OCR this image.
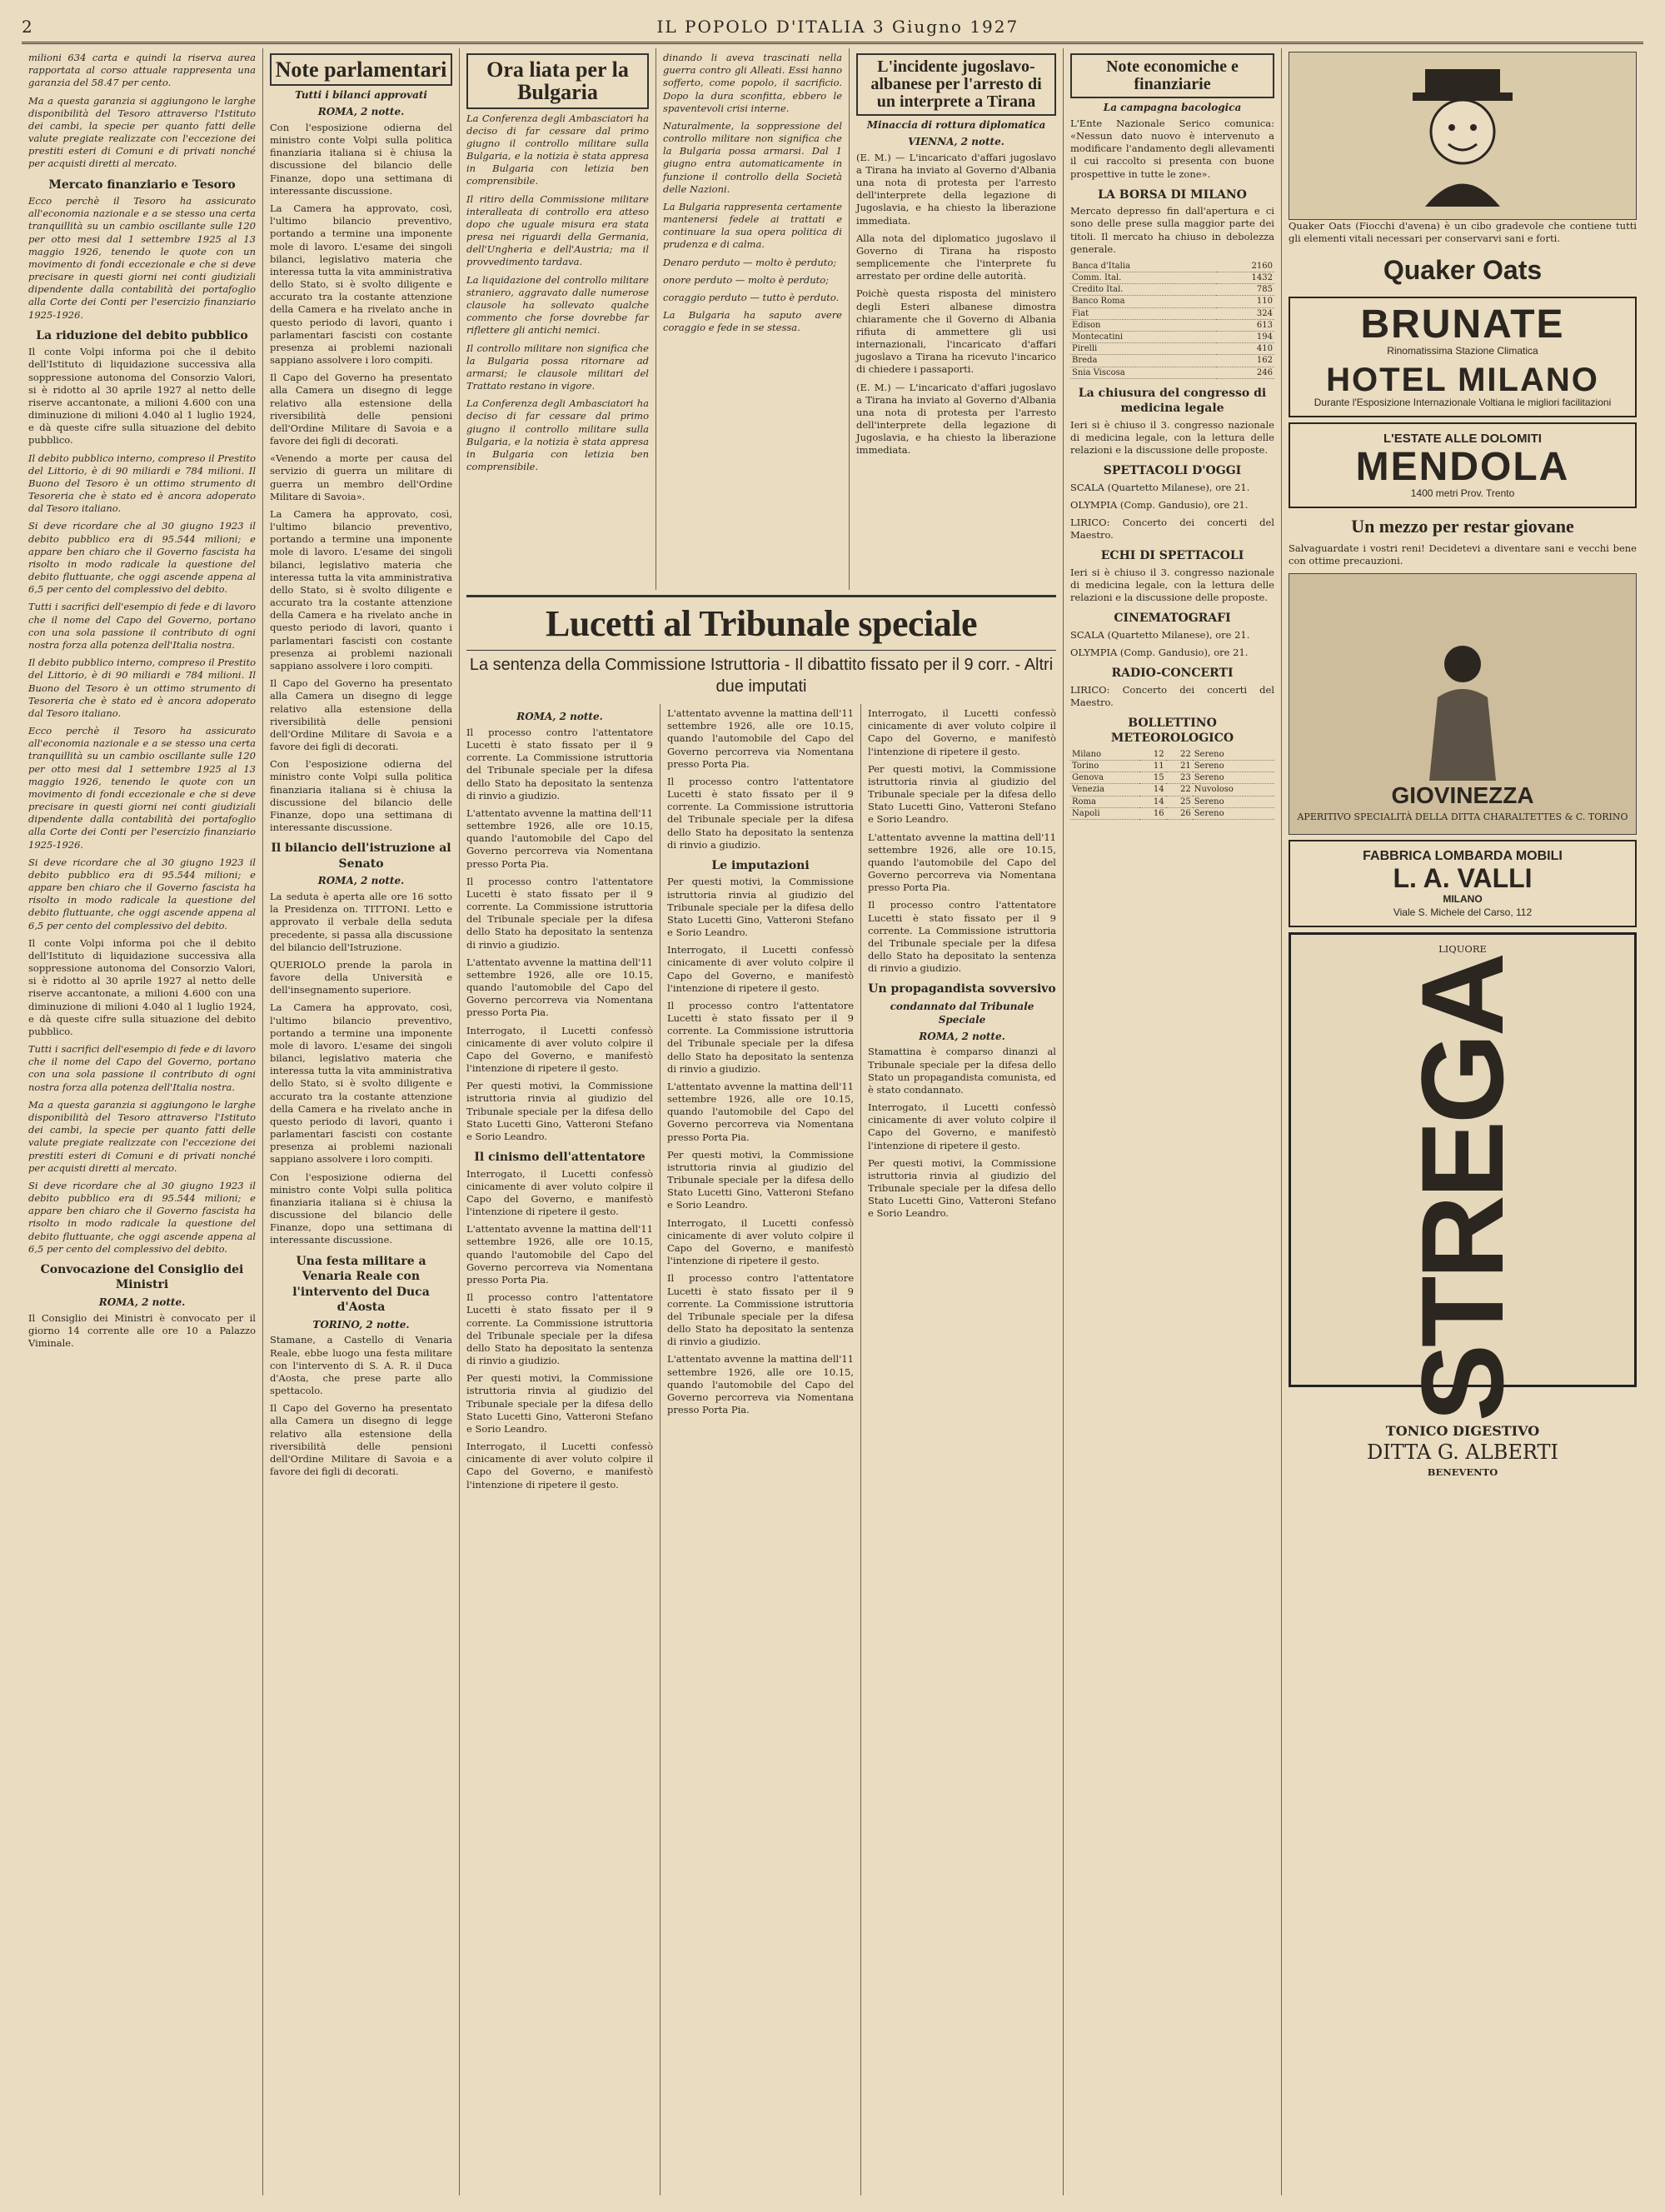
2	IL POPOLO D'ITALIA 3 Giugno 1927

milioni 634 carta e quindi la riserva aurea rapportata al corso attuale rappresenta una garanzia del 58.47 per cento.

Ma a questa garanzia si aggiungono le larghe disponibilità del Tesoro attraverso l'Istituto dei cambi, la specie per quanto fatti delle valute pregiate realizzate con l'eccezione dei prestiti esteri di Comuni e di privati nonché per acquisti diretti al mercato.

Mercato finanziario e Tesoro

Ecco perchè il Tesoro ha assicurato all'economia nazionale e a se stesso una certa tranquillità su un cambio oscillante sulle 120 per otto mesi dal 1 settembre 1925 al 13 maggio 1926, tenendo le quote con un movimento di fondi eccezionale e che si deve precisare in questi giorni nei conti giudiziali dipendente dalla contabilità dei portafoglio alla Corte dei Conti per l'esercizio finanziario 1925-1926.

La riduzione del debito pubblico

Il conte Volpi informa poi che il debito dell'Istituto di liquidazione successiva alla soppressione autonoma del Consorzio Valori, si è ridotto al 30 aprile 1927 al netto delle riserve accantonate, a milioni 4.600 con una diminuzione di milioni 4.040 al 1 luglio 1924, e dà queste cifre sulla situazione del debito pubblico.

Il debito pubblico interno, compreso il Prestito del Littorio, è di 90 miliardi e 784 milioni. Il Buono del Tesoro è un ottimo strumento di Tesoreria che è stato ed è ancora adoperato dal Tesoro italiano.

Si deve ricordare che al 30 giugno 1923 il debito pubblico era di 95.544 milioni; e appare ben chiaro che il Governo fascista ha risolto in modo radicale la questione del debito fluttuante, che oggi ascende appena al 6,5 per cento del complessivo del debito.

Tutti i sacrifici dell'esempio di fede e di lavoro che il nome del Capo del Governo, portano con una sola passione il contributo di ogni nostra forza alla potenza dell'Italia nostra.

Il debito pubblico interno, compreso il Prestito del Littorio, è di 90 miliardi e 784 milioni. Il Buono del Tesoro è un ottimo strumento di Tesoreria che è stato ed è ancora adoperato dal Tesoro italiano.

Ecco perchè il Tesoro ha assicurato all'economia nazionale e a se stesso una certa tranquillità su un cambio oscillante sulle 120 per otto mesi dal 1 settembre 1925 al 13 maggio 1926, tenendo le quote con un movimento di fondi eccezionale e che si deve precisare in questi giorni nei conti giudiziali dipendente dalla contabilità dei portafoglio alla Corte dei Conti per l'esercizio finanziario 1925-1926.

Si deve ricordare che al 30 giugno 1923 il debito pubblico era di 95.544 milioni; e appare ben chiaro che il Governo fascista ha risolto in modo radicale la questione del debito fluttuante, che oggi ascende appena al 6,5 per cento del complessivo del debito.

Il conte Volpi informa poi che il debito dell'Istituto di liquidazione successiva alla soppressione autonoma del Consorzio Valori, si è ridotto al 30 aprile 1927 al netto delle riserve accantonate, a milioni 4.600 con una diminuzione di milioni 4.040 al 1 luglio 1924, e dà queste cifre sulla situazione del debito pubblico.

Tutti i sacrifici dell'esempio di fede e di lavoro che il nome del Capo del Governo, portano con una sola passione il contributo di ogni nostra forza alla potenza dell'Italia nostra.

Ma a questa garanzia si aggiungono le larghe disponibilità del Tesoro attraverso l'Istituto dei cambi, la specie per quanto fatti delle valute pregiate realizzate con l'eccezione dei prestiti esteri di Comuni e di privati nonché per acquisti diretti al mercato.

Si deve ricordare che al 30 giugno 1923 il debito pubblico era di 95.544 milioni; e appare ben chiaro che il Governo fascista ha risolto in modo radicale la questione del debito fluttuante, che oggi ascende appena al 6,5 per cento del complessivo del debito.

Convocazione del Consiglio dei Ministri
ROMA, 2 notte.

Il Consiglio dei Ministri è convocato per il giorno 14 corrente alle ore 10 a Palazzo Viminale.

Note parlamentari
Tutti i bilanci approvati
ROMA, 2 notte.

Con l'esposizione odierna del ministro conte Volpi sulla politica finanziaria italiana si è chiusa la discussione del bilancio delle Finanze, dopo una settimana di interessante discussione.

La Camera ha approvato, così, l'ultimo bilancio preventivo, portando a termine una imponente mole di lavoro. L'esame dei singoli bilanci, legislativo materia che interessa tutta la vita amministrativa dello Stato, si è svolto diligente e accurato tra la costante attenzione della Camera e ha rivelato anche in questo periodo di lavori, quanto i parlamentari fascisti con costante presenza ai problemi nazionali sappiano assolvere i loro compiti.

Il Capo del Governo ha presentato alla Camera un disegno di legge relativo alla estensione della riversibilità delle pensioni dell'Ordine Militare di Savoia e a favore dei figli di decorati.

«Venendo a morte per causa del servizio di guerra un militare di guerra un membro dell'Ordine Militare di Savoia».

La Camera ha approvato, così, l'ultimo bilancio preventivo, portando a termine una imponente mole di lavoro. L'esame dei singoli bilanci, legislativo materia che interessa tutta la vita amministrativa dello Stato, si è svolto diligente e accurato tra la costante attenzione della Camera e ha rivelato anche in questo periodo di lavori, quanto i parlamentari fascisti con costante presenza ai problemi nazionali sappiano assolvere i loro compiti.

Il Capo del Governo ha presentato alla Camera un disegno di legge relativo alla estensione della riversibilità delle pensioni dell'Ordine Militare di Savoia e a favore dei figli di decorati.

Con l'esposizione odierna del ministro conte Volpi sulla politica finanziaria italiana si è chiusa la discussione del bilancio delle Finanze, dopo una settimana di interessante discussione.

Il bilancio dell'istruzione al Senato
ROMA, 2 notte.

La seduta è aperta alle ore 16 sotto la Presidenza on. TITTONI. Letto e approvato il verbale della seduta precedente, si passa alla discussione del bilancio dell'Istruzione.

QUERIOLO prende la parola in favore della Università e dell'insegnamento superiore.

La Camera ha approvato, così, l'ultimo bilancio preventivo, portando a termine una imponente mole di lavoro. L'esame dei singoli bilanci, legislativo materia che interessa tutta la vita amministrativa dello Stato, si è svolto diligente e accurato tra la costante attenzione della Camera e ha rivelato anche in questo periodo di lavori, quanto i parlamentari fascisti con costante presenza ai problemi nazionali sappiano assolvere i loro compiti.

Con l'esposizione odierna del ministro conte Volpi sulla politica finanziaria italiana si è chiusa la discussione del bilancio delle Finanze, dopo una settimana di interessante discussione.

Una festa militare a Venaria Reale con l'intervento del Duca d'Aosta
TORINO, 2 notte.

Stamane, a Castello di Venaria Reale, ebbe luogo una festa militare con l'intervento di S. A. R. il Duca d'Aosta, che prese parte allo spettacolo.

Il Capo del Governo ha presentato alla Camera un disegno di legge relativo alla estensione della riversibilità delle pensioni dell'Ordine Militare di Savoia e a favore dei figli di decorati.

Ora liata per la Bulgaria

La Conferenza degli Ambasciatori ha deciso di far cessare dal primo giugno il controllo militare sulla Bulgaria, e la notizia è stata appresa in Bulgaria con letizia ben comprensibile.

Il ritiro della Commissione militare interalleata di controllo era atteso dopo che uguale misura era stata presa nei riguardi della Germania, dell'Ungheria e dell'Austria; ma il provvedimento tardava.

La liquidazione del controllo militare straniero, aggravato dalle numerose clausole ha sollevato qualche commento che forse dovrebbe far riflettere gli antichi nemici.

Il controllo militare non significa che la Bulgaria possa ritornare ad armarsi; le clausole militari del Trattato restano in vigore.

La Conferenza degli Ambasciatori ha deciso di far cessare dal primo giugno il controllo militare sulla Bulgaria, e la notizia è stata appresa in Bulgaria con letizia ben comprensibile.

dinando li aveva trascinati nella guerra contro gli Alleati. Essi hanno sofferto, come popolo, il sacrificio. Dopo la dura sconfitta, ebbero le spaventevoli crisi interne.

Naturalmente, la soppressione del controllo militare non significa che la Bulgaria possa armarsi. Dal 1 giugno entra automaticamente in funzione il controllo della Società delle Nazioni.

La Bulgaria rappresenta certamente mantenersi fedele ai trattati e continuare la sua opera politica di prudenza e di calma.

Denaro perduto — molto è perduto;

onore perduto — molto è perduto;

coraggio perduto — tutto è perduto.

La Bulgaria ha saputo avere coraggio e fede in se stessa.

L'incidente jugoslavo-albanese per l'arresto di un interprete a Tirana
Minaccia di rottura diplomatica
VIENNA, 2 notte.

(E. M.) — L'incaricato d'affari jugoslavo a Tirana ha inviato al Governo d'Albania una nota di protesta per l'arresto dell'interprete della legazione di Jugoslavia, e ha chiesto la liberazione immediata.

Alla nota del diplomatico jugoslavo il Governo di Tirana ha risposto semplicemente che l'interprete fu arrestato per ordine delle autorità.

Poichè questa risposta del ministero degli Esteri albanese dimostra chiaramente che il Governo di Albania rifiuta di ammettere gli usi internazionali, l'incaricato d'affari jugoslavo a Tirana ha ricevuto l'incarico di chiedere i passaporti.

(E. M.) — L'incaricato d'affari jugoslavo a Tirana ha inviato al Governo d'Albania una nota di protesta per l'arresto dell'interprete della legazione di Jugoslavia, e ha chiesto la liberazione immediata.

Lucetti al Tribunale speciale
La sentenza della Commissione Istruttoria - Il dibattito fissato per il 9 corr. - Altri due imputati
ROMA, 2 notte.

Il processo contro l'attentatore Lucetti è stato fissato per il 9 corrente. La Commissione istruttoria del Tribunale speciale per la difesa dello Stato ha depositato la sentenza di rinvio a giudizio.

L'attentato avvenne la mattina dell'11 settembre 1926, alle ore 10.15, quando l'automobile del Capo del Governo percorreva via Nomentana presso Porta Pia.

Il processo contro l'attentatore Lucetti è stato fissato per il 9 corrente. La Commissione istruttoria del Tribunale speciale per la difesa dello Stato ha depositato la sentenza di rinvio a giudizio.

L'attentato avvenne la mattina dell'11 settembre 1926, alle ore 10.15, quando l'automobile del Capo del Governo percorreva via Nomentana presso Porta Pia.

Interrogato, il Lucetti confessò cinicamente di aver voluto colpire il Capo del Governo, e manifestò l'intenzione di ripetere il gesto.

Per questi motivi, la Commissione istruttoria rinvia al giudizio del Tribunale speciale per la difesa dello Stato Lucetti Gino, Vatteroni Stefano e Sorio Leandro.

Il cinismo dell'attentatore

Interrogato, il Lucetti confessò cinicamente di aver voluto colpire il Capo del Governo, e manifestò l'intenzione di ripetere il gesto.

L'attentato avvenne la mattina dell'11 settembre 1926, alle ore 10.15, quando l'automobile del Capo del Governo percorreva via Nomentana presso Porta Pia.

Il processo contro l'attentatore Lucetti è stato fissato per il 9 corrente. La Commissione istruttoria del Tribunale speciale per la difesa dello Stato ha depositato la sentenza di rinvio a giudizio.

Per questi motivi, la Commissione istruttoria rinvia al giudizio del Tribunale speciale per la difesa dello Stato Lucetti Gino, Vatteroni Stefano e Sorio Leandro.

Interrogato, il Lucetti confessò cinicamente di aver voluto colpire il Capo del Governo, e manifestò l'intenzione di ripetere il gesto.

L'attentato avvenne la mattina dell'11 settembre 1926, alle ore 10.15, quando l'automobile del Capo del Governo percorreva via Nomentana presso Porta Pia.

Il processo contro l'attentatore Lucetti è stato fissato per il 9 corrente. La Commissione istruttoria del Tribunale speciale per la difesa dello Stato ha depositato la sentenza di rinvio a giudizio.

Le imputazioni

Per questi motivi, la Commissione istruttoria rinvia al giudizio del Tribunale speciale per la difesa dello Stato Lucetti Gino, Vatteroni Stefano e Sorio Leandro.

Interrogato, il Lucetti confessò cinicamente di aver voluto colpire il Capo del Governo, e manifestò l'intenzione di ripetere il gesto.

Il processo contro l'attentatore Lucetti è stato fissato per il 9 corrente. La Commissione istruttoria del Tribunale speciale per la difesa dello Stato ha depositato la sentenza di rinvio a giudizio.

L'attentato avvenne la mattina dell'11 settembre 1926, alle ore 10.15, quando l'automobile del Capo del Governo percorreva via Nomentana presso Porta Pia.

Per questi motivi, la Commissione istruttoria rinvia al giudizio del Tribunale speciale per la difesa dello Stato Lucetti Gino, Vatteroni Stefano e Sorio Leandro.

Interrogato, il Lucetti confessò cinicamente di aver voluto colpire il Capo del Governo, e manifestò l'intenzione di ripetere il gesto.

Il processo contro l'attentatore Lucetti è stato fissato per il 9 corrente. La Commissione istruttoria del Tribunale speciale per la difesa dello Stato ha depositato la sentenza di rinvio a giudizio.

L'attentato avvenne la mattina dell'11 settembre 1926, alle ore 10.15, quando l'automobile del Capo del Governo percorreva via Nomentana presso Porta Pia.

Interrogato, il Lucetti confessò cinicamente di aver voluto colpire il Capo del Governo, e manifestò l'intenzione di ripetere il gesto.

Per questi motivi, la Commissione istruttoria rinvia al giudizio del Tribunale speciale per la difesa dello Stato Lucetti Gino, Vatteroni Stefano e Sorio Leandro.

L'attentato avvenne la mattina dell'11 settembre 1926, alle ore 10.15, quando l'automobile del Capo del Governo percorreva via Nomentana presso Porta Pia.

Il processo contro l'attentatore Lucetti è stato fissato per il 9 corrente. La Commissione istruttoria del Tribunale speciale per la difesa dello Stato ha depositato la sentenza di rinvio a giudizio.

Un propagandista sovversivo
condannato dal Tribunale Speciale
ROMA, 2 notte.

Stamattina è comparso dinanzi al Tribunale speciale per la difesa dello Stato un propagandista comunista, ed è stato condannato.

Interrogato, il Lucetti confessò cinicamente di aver voluto colpire il Capo del Governo, e manifestò l'intenzione di ripetere il gesto.

Per questi motivi, la Commissione istruttoria rinvia al giudizio del Tribunale speciale per la difesa dello Stato Lucetti Gino, Vatteroni Stefano e Sorio Leandro.

Note economiche e finanziarie
La campagna bacologica

L'Ente Nazionale Serico comunica: «Nessun dato nuovo è intervenuto a modificare l'andamento degli allevamenti il cui raccolto si presenta con buone prospettive in tutte le zone».

LA BORSA DI MILANO

Mercato depresso fin dall'apertura e ci sono delle prese sulla maggior parte dei titoli. Il mercato ha chiuso in debolezza generale.

Banca d'Italia	2160
Comm. Ital.	1432
Credito Ital.	785
Banco Roma	110
Fiat	324
Edison	613
Montecatini	194
Pirelli	410
Breda	162
Snia Viscosa	246
La chiusura del congresso di medicina legale

Ieri si è chiuso il 3. congresso nazionale di medicina legale, con la lettura delle relazioni e la discussione delle proposte.

SPETTACOLI D'OGGI

SCALA (Quartetto Milanese), ore 21.

OLYMPIA (Comp. Gandusio), ore 21.

LIRICO: Concerto dei concerti del Maestro.

ECHI DI SPETTACOLI

Ieri si è chiuso il 3. congresso nazionale di medicina legale, con la lettura delle relazioni e la discussione delle proposte.

CINEMATOGRAFI

SCALA (Quartetto Milanese), ore 21.

OLYMPIA (Comp. Gandusio), ore 21.

RADIO-CONCERTI

LIRICO: Concerto dei concerti del Maestro.

BOLLETTINO METEOROLOGICO
Milano	12	22	Sereno
Torino	11	21	Sereno
Genova	15	23	Sereno
Venezia	14	22	Nuvoloso
Roma	14	25	Sereno
Napoli	16	26	Sereno

Quaker Oats (Fiocchi d'avena) è un cibo gradevole che contiene tutti gli elementi vitali necessari per conservarvi sani e forti.

Quaker Oats
BRUNATE
Rinomatissima Stazione Climatica
HOTEL MILANO
Durante l'Esposizione Internazionale Voltiana le migliori facilitazioni
L'ESTATE ALLE DOLOMITI
MENDOLA
1400 metri Prov. Trento
Un mezzo per restar giovane

Salvaguardate i vostri reni! Decidetevi a diventare sani e vecchi bene con ottime precauzioni.

GIOVINEZZA
APERITIVO SPECIALITÀ DELLA DITTA CHARALTETTES & C. TORINO
FABBRICA LOMBARDA MOBILI
L. A. VALLI
MILANO
Viale S. Michele del Carso, 112
LIQUORE
STREGA
TONICO DIGESTIVO
DITTA G. ALBERTI
BENEVENTO
